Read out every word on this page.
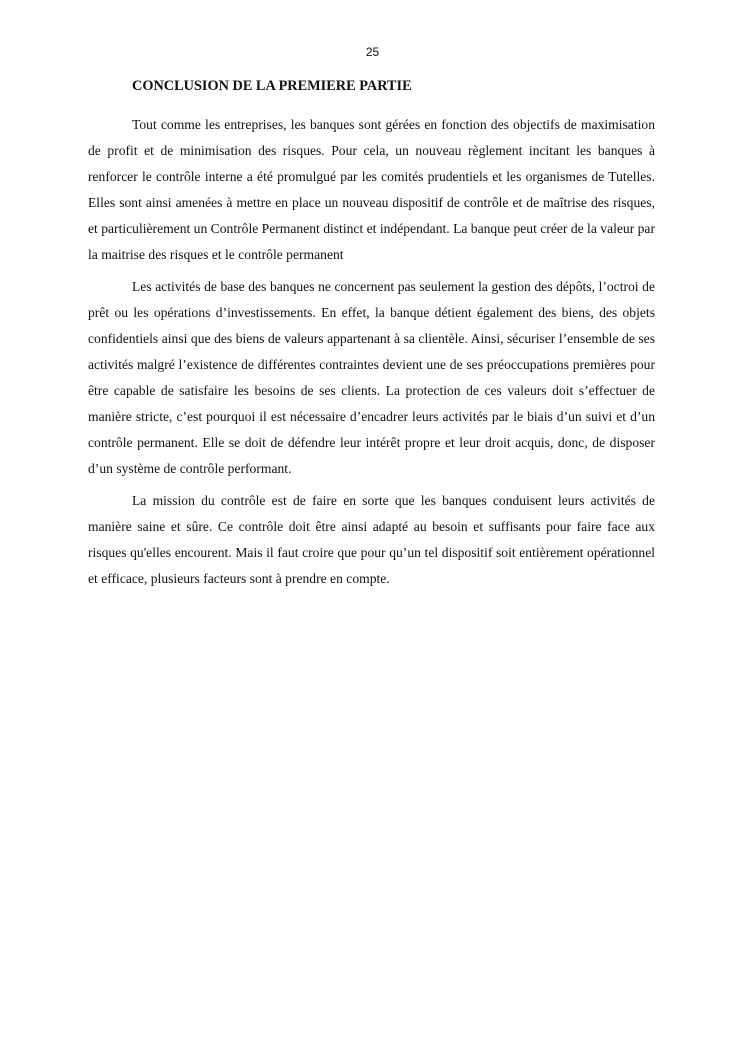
25
CONCLUSION DE LA PREMIERE PARTIE

Tout comme les entreprises, les banques sont gérées en fonction des objectifs de maximisation de profit et de minimisation des risques. Pour cela, un nouveau règlement incitant les banques à renforcer le contrôle interne a été promulgué par les comités prudentiels et les organismes de Tutelles. Elles sont ainsi amenées à mettre en place un nouveau dispositif de contrôle et de maîtrise des risques, et particulièrement un Contrôle Permanent distinct et indépendant. La banque peut créer de la valeur par la maitrise des risques et le contrôle permanent

Les activités de base des banques ne concernent pas seulement la gestion des dépôts, l’octroi de prêt ou les opérations d’investissements. En effet, la banque détient également des biens, des objets confidentiels ainsi que des biens de valeurs appartenant à sa clientèle. Ainsi, sécuriser l’ensemble de ses activités malgré l’existence de différentes contraintes devient une de ses préoccupations premières pour être capable de satisfaire les besoins de ses clients. La protection de ces valeurs doit s’effectuer de manière stricte, c’est pourquoi il est nécessaire d’encadrer leurs activités par le biais d’un suivi et d’un contrôle permanent. Elle se doit de défendre leur intérêt propre et leur droit acquis, donc, de disposer d’un système de contrôle performant.

La mission du contrôle est de faire en sorte que les banques conduisent leurs activités de manière saine et sûre. Ce contrôle doit être ainsi adapté au besoin et suffisants pour faire face aux risques qu'elles encourent. Mais il faut croire que pour qu’un tel dispositif soit entièrement opérationnel et efficace, plusieurs facteurs sont à prendre en compte.
